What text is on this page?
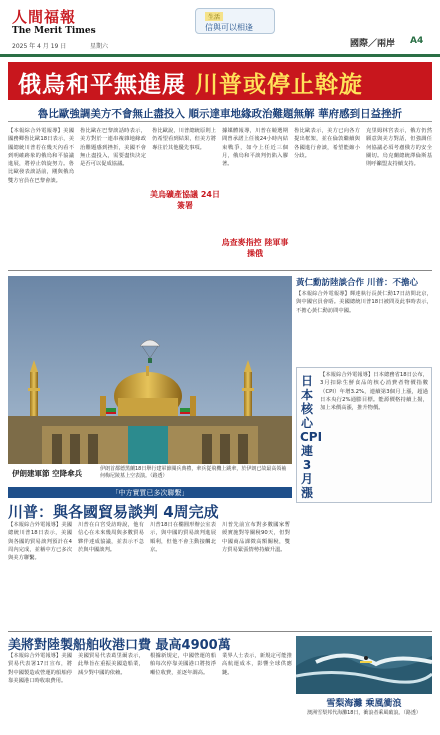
人間福報
The Merit Times
2025 年 4 月 19 日	星期六
生活
信與可以相逢
國際／兩岸 A4
俄烏和平無進展 川普或停止斡旋
魯比歐強調美方不會無止盡投入 順示達車地緣政治難題無解 華府感到日益挫折
【本報綜合外電報導】美國國務卿魯比歐18日表示，美國總統川普若在幾天內看不到明確跡象的俄烏和平協議進展，將停止斡旋努力。魯比歐發表談話前，剛與俄烏雙方官員在巴黎會談。
魯比歐在巴黎談話時表示，美方對於一連串複雜地緣政治難題感到挫折，美國不會無止盡投入，需要盡快決定是否可以促成協議。
魯比歐說，川普總統原則上仍希望看到結果，但美方將專注於其他優先事項。
據媒體報導，川普在競選期間曾承諾上任後24小時內結束戰爭，如今上任近三個月，俄烏和平談判仍陷入膠著。
魯比歐表示，美方已向各方提出框架，並在倫敦繼續與各國進行會談，希望能縮小分歧。
克里姆林宮表示，俄方仍然願意與美方對話，但強調任何協議必須考慮俄方的安全關切。烏克蘭總統澤倫斯基則呼籲盟友持續支持。
美烏礦產協議 24日簽署
烏查麥指控 陸軍事操俄
伊朗建軍節 空降傘兵	伊朗首都德黑蘭18日舉行建軍節閱兵典禮，傘兵從飛機上跳傘，於伊朗已故最高領袖何梅尼陵墓上空表演。（路透）
黃仁勳訪陸談合作 川普：不擔心
【本報綜合外電報導】輝達執行長黃仁勳17日訪問北京，與中國官員會晤。美國總統川普18日被問及此事時表示，不擔心黃仁勳訪問中國。
日本核心CPI連3月漲
【本報綜合外電報導】日本總務省18日公布，3月扣除生鮮食品的核心消費者物價指數（CPI）年增3.2%，連續第3個月上漲，超過日本央行2%通膨目標。能源價格持續上揚，加上米價高漲，推升物價。
「中方實質已多次聯繫」
川普：與各國貿易談判 4周完成
【本報綜合外電報導】美國總統川普18日表示，美國與各國的貿易談判預計在4周內完成，並稱中方已多次與美方聯繫。
川普在白宮受訪時說，他有信心在未來幾周與多數貿易夥伴達成協議，並表示不急於與中國談判。
川普18日在橢圓形辦公室表示，與中國的貿易談判進展順利，但他不會主動接觸北京。
川普先前宣布對多數國家暫緩實施對等關稅90天，但對中國商品課徵高額關稅，雙方貿易緊張情勢持續升溫。
美將對陸製船舶收港口費 最高4900萬
【本報綜合外電報導】美國貿易代表署17日宣布，將對中國製造或營運的船舶停靠美國港口時收取費用。
美國貿易代表葛里爾表示，此舉旨在重振美國造船業，減少對中國的依賴。
根據新規定，中國營運的船舶每次停靠美國港口將按淨噸位收費，並逐年調高。
業界人士表示，新規定可能推高航運成本，影響全球供應鏈。
雪梨海灘 乘風衝浪
澳洲雪梨邦代海灘18日，衝浪者乘風破浪。（路透）
